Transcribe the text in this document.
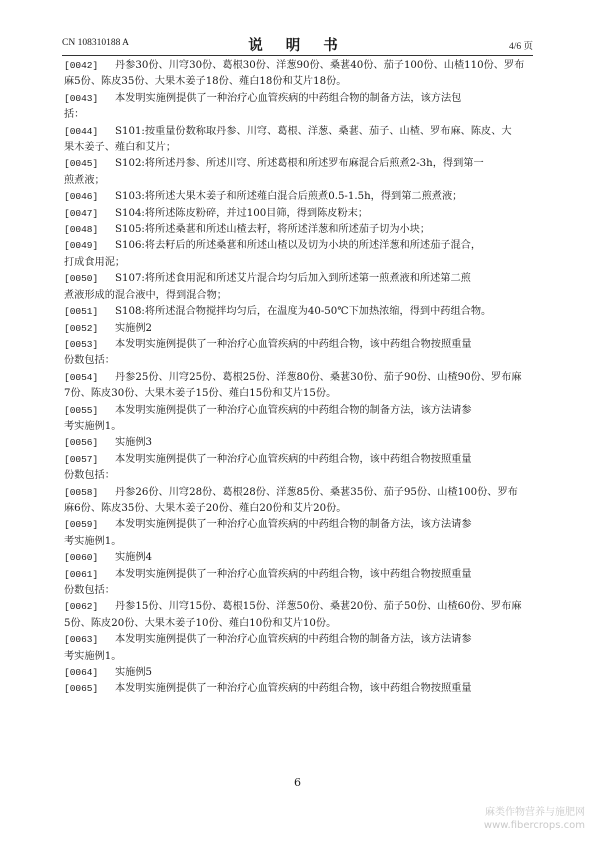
CN 108310188 A	说 明 书	4/6 页
[0042] 丹参30份、川穹30份、葛根30份、洋葱90份、桑葚40份、茄子100份、山楂110份、罗布
麻5份、陈皮35份、大果木姜子18份、薤白18份和艾片18份。
[0043] 本发明实施例提供了一种治疗心血管疾病的中药组合物的制备方法，该方法包
括：
[0044] S101:按重量份数称取丹参、川穹、葛根、洋葱、桑葚、茄子、山楂、罗布麻、陈皮、大
果木姜子、薤白和艾片；
[0045] S102:将所述丹参、所述川穹、所述葛根和所述罗布麻混合后煎煮2-3h，得到第一
煎煮液；
[0046] S103:将所述大果木姜子和所述薤白混合后煎煮0.5-1.5h，得到第二煎煮液；
[0047] S104:将所述陈皮粉碎，并过100目筛，得到陈皮粉末；
[0048] S105:将所述桑葚和所述山楂去籽，将所述洋葱和所述茄子切为小块；
[0049] S106:将去籽后的所述桑葚和所述山楂以及切为小块的所述洋葱和所述茄子混合，
打成食用泥；
[0050] S107:将所述食用泥和所述艾片混合均匀后加入到所述第一煎煮液和所述第二煎
煮液形成的混合液中，得到混合物；
[0051] S108:将所述混合物搅拌均匀后，在温度为40-50℃下加热浓缩，得到中药组合物。
[0052] 实施例2
[0053] 本发明实施例提供了一种治疗心血管疾病的中药组合物，该中药组合物按照重量
份数包括：
[0054] 丹参25份、川穹25份、葛根25份、洋葱80份、桑葚30份、茄子90份、山楂90份、罗布麻
7份、陈皮30份、大果木姜子15份、薤白15份和艾片15份。
[0055] 本发明实施例提供了一种治疗心血管疾病的中药组合物的制备方法，该方法请参
考实施例1。
[0056] 实施例3
[0057] 本发明实施例提供了一种治疗心血管疾病的中药组合物，该中药组合物按照重量
份数包括：
[0058] 丹参26份、川穹28份、葛根28份、洋葱85份、桑葚35份、茄子95份、山楂100份、罗布
麻6份、陈皮35份、大果木姜子20份、薤白20份和艾片20份。
[0059] 本发明实施例提供了一种治疗心血管疾病的中药组合物的制备方法，该方法请参
考实施例1。
[0060] 实施例4
[0061] 本发明实施例提供了一种治疗心血管疾病的中药组合物，该中药组合物按照重量
份数包括：
[0062] 丹参15份、川穹15份、葛根15份、洋葱50份、桑葚20份、茄子50份、山楂60份、罗布麻
5份、陈皮20份、大果木姜子10份、薤白10份和艾片10份。
[0063] 本发明实施例提供了一种治疗心血管疾病的中药组合物的制备方法，该方法请参
考实施例1。
[0064] 实施例5
[0065] 本发明实施例提供了一种治疗心血管疾病的中药组合物，该中药组合物按照重量
6
麻类作物营养与施肥网
www.fibercrops.com
